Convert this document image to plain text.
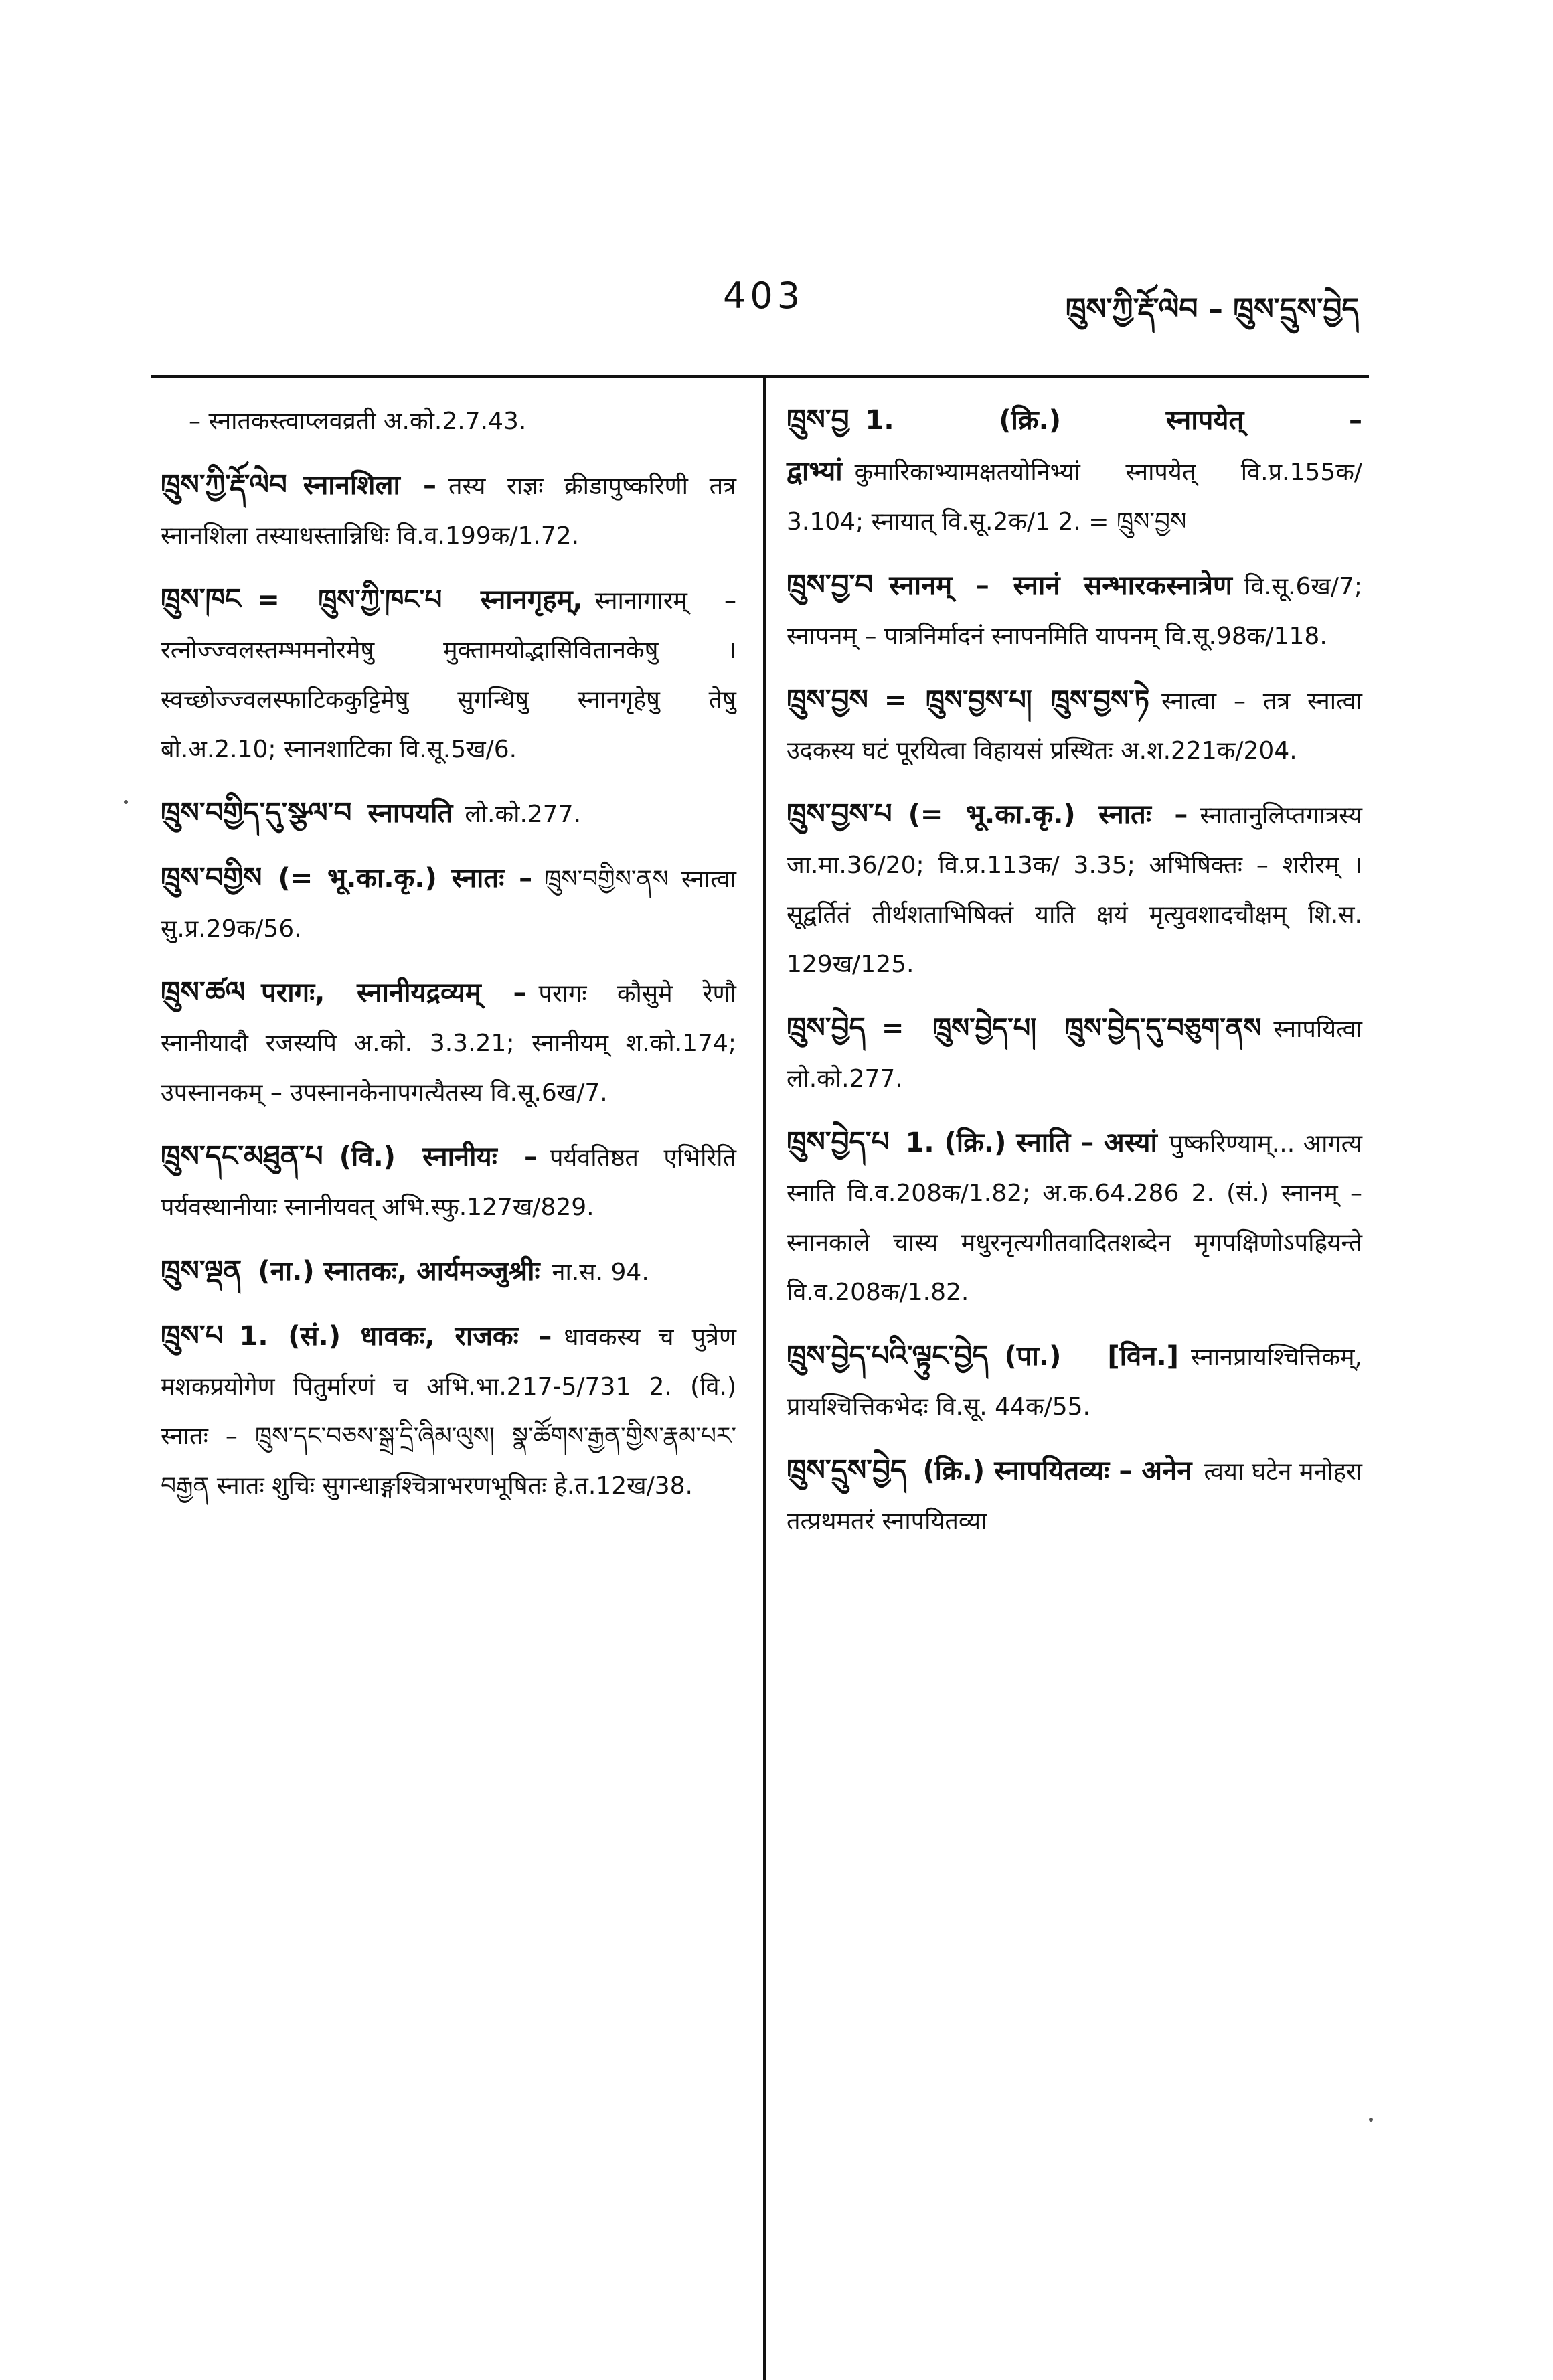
403	ཁྲུས་ཀྱི་རྡོ་ལེབ – ཁྲུས་དྲུས་བྱེད
– स्नातकस्त्वाप्लवव्रती अ.को.2.7.43.
ཁྲུས་ཀྱི་རྡོ་ལེབ स्नानशिला – तस्य राज्ञः क्रीडापुष्करिणी तत्र स्नानशिला तस्याधस्तान्निधिः वि.व.199क/1.72.
ཁྲུས་ཁང = ཁྲུས་ཀྱི་ཁང་པ स्नानगृहम्, स्नानागारम् – रत्नोज्ज्वलस्तम्भमनोरमेषु मुक्तामयोद्भासिवितानकेषु । स्वच्छोज्ज्वलस्फाटिककुट्टिमेषु सुगन्धिषु स्नानगृहेषु तेषु बो.अ.2.10; स्नानशाटिका वि.सू.5ख/6.
ཁྲུས་བགྱིད་དུ་སྩལ་བ स्नापयति लो.को.277.
ཁྲུས་བགྱིས (= भू.का.कृ.) स्नातः – ཁྲུས་བགྱིས་ནས स्नात्वा सु.प्र.29क/56.
ཁྲུས་ཚལ परागः, स्नानीयद्रव्यम् – परागः कौसुमे रेणौ स्नानीयादौ रजस्यपि अ.को. 3.3.21; स्नानीयम् श.को.174; उपस्नानकम् – उपस्नानकेनापगत्यैतस्य वि.सू.6ख/7.
ཁྲུས་དང་མཐུན་པ (वि.) स्नानीयः – पर्यवतिष्ठत एभिरिति पर्यवस्थानीयाः स्नानीयवत् अभि.स्फु.127ख/829.
ཁྲུས་ལྡན (ना.) स्नातकः, आर्यमञ्जुश्रीः ना.स. 94.
ཁྲུས་པ 1. (सं.) धावकः, राजकः – धावकस्य च पुत्रेण मशकप्रयोगेण पितुर्मारणं च अभि.भा.217-5/731 2. (वि.) स्नातः – ཁྲུས་དང་བཅས་སྒྲ་དྲི་ཞིམ་ལུས། སྣ་ཚོགས་རྒྱན་གྱིས་རྣམ་པར་བརྒྱན स्नातः शुचिः सुगन्धाङ्गश्चित्राभरणभूषितः हे.त.12ख/38.
ཁྲུས་བྱ 1. (क्रि.) स्नापयेत् – द्वाभ्यां कुमारिकाभ्यामक्षतयोनिभ्यां स्नापयेत् वि.प्र.155क/ 3.104; स्नायात् वि.सू.2क/1 2. = ཁྲུས་བྱས
ཁྲུས་བྱ་བ स्नानम् – स्नानं सन्भारकस्नात्रेण वि.सू.6ख/7; स्नापनम् – पात्रनिर्मादनं स्नापनमिति यापनम् वि.सू.98क/118.
ཁྲུས་བྱས = ཁྲུས་བྱས་པ། ཁྲུས་བྱས་ཏེ स्नात्वा – तत्र स्नात्वा उदकस्य घटं पूरयित्वा विहायसं प्रस्थितः अ.श.221क/204.
ཁྲུས་བྱས་པ (= भू.का.कृ.) स्नातः – स्नातानुलिप्तगात्रस्य जा.मा.36/20; वि.प्र.113क/ 3.35; अभिषिक्तः – शरीरम् । सूद्वर्तितं तीर्थशताभिषिक्तं याति क्षयं मृत्युवशादचौक्षम् शि.स. 129ख/125.
ཁྲུས་བྱེད = ཁྲུས་བྱེད་པ། ཁྲུས་བྱེད་དུ་བཅུག་ནས स्नापयित्वा लो.को.277.
ཁྲུས་བྱེད་པ 1. (क्रि.) स्नाति – अस्यां पुष्करिण्याम्... आगत्य स्नाति वि.व.208क/1.82; अ.क.64.286 2. (सं.) स्नानम् – स्नानकाले चास्य मधुरनृत्यगीतवादितशब्देन मृगपक्षिणोऽपह्रियन्ते वि.व.208क/1.82.
ཁྲུས་བྱེད་པའི་ལྟུང་བྱེད (पा.) [विन.] स्नानप्रायश्चित्तिकम्, प्रायश्चित्तिकभेदः वि.सू. 44क/55.
ཁྲུས་དྲུས་བྱེད (क्रि.) स्नापयितव्यः – अनेन त्वया घटेन मनोहरा तत्प्रथमतरं स्नापयितव्या
